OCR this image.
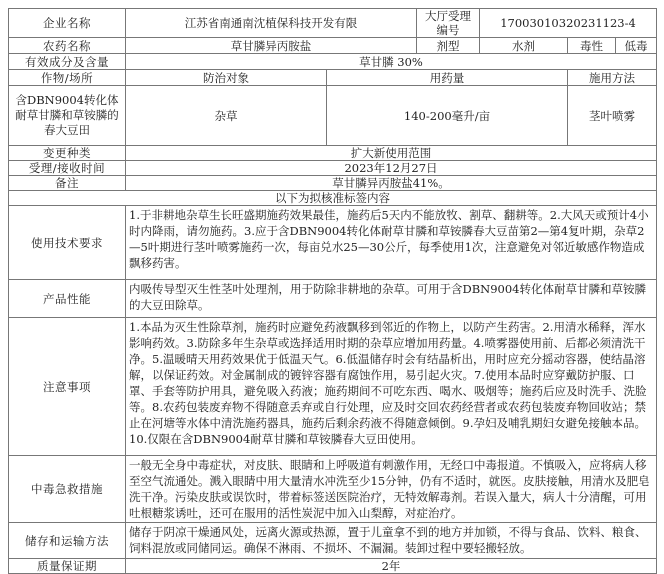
企业名称	江苏省南通南沈植保科技开发有限		大厅受理编号	17003010320231123-4		
农药名称	草甘膦异丙胺盐		剂型	水剂	毒性	低毒
有效成分及含量	草甘膦 30%					
作物/场所	防治对象	用药量			施用方法	
含DBN9004转化体耐草甘膦和草铵膦的春大豆田	杂草	140-200毫升/亩			茎叶喷雾	
变更种类	扩大新使用范围					
受理/接收时间	2023年12月27日					
备注	草甘膦异丙胺盐41%。					
以下为拟核准标签内容						
使用技术要求	1.于非耕地杂草生长旺盛期施药效果最佳，施药后5天内不能放牧、割草、翻耕等。2.大风天或预计4小时内降雨，请勿施药。3.应于含DBN9004转化体耐草甘膦和草铵膦春大豆苗第2—第4复叶期，杂草2—5叶期进行茎叶喷雾施药一次，每亩兑水25—30公斤，每季使用1次，注意避免对邻近敏感作物造成飘移药害。					
产品性能	内吸传导型灭生性茎叶处理剂，用于防除非耕地的杂草。可用于含DBN9004转化体耐草甘膦和草铵膦的大豆田除草。					
注意事项	1.本品为灭生性除草剂，施药时应避免药液飘移到邻近的作物上，以防产生药害。2.用清水稀释，浑水影响药效。3.防除多年生杂草或选择适用时期的杂草应增加用药量。4.喷雾器使用前、后都必须清洗干净。5.温暖晴天用药效果优于低温天气。6.低温储存时会有结晶析出，用时应充分摇动容器，使结晶溶解，以保证药效。对金属制成的镀锌容器有腐蚀作用，易引起火灾。7.使用本品时应穿戴防护服、口罩、手套等防护用具，避免吸入药液；施药期间不可吃东西、喝水、吸烟等；施药后应及时洗手、洗脸等。8.农药包装废弃物不得随意丢弃或自行处理，应及时交回农药经营者或农药包装废弃物回收站；禁止在河塘等水体中清洗施药器具，施药后剩余药液不得随意倾倒。9.孕妇及哺乳期妇女避免接触本品。10.仅限在含DBN9004耐草甘膦和草铵膦春大豆田使用。					
中毒急救措施	一般无全身中毒症状，对皮肤、眼睛和上呼吸道有刺激作用，无经口中毒报道。不慎吸入，应将病人移至空气流通处。溅入眼睛中用大量清水冲洗至少15分钟，仍有不适时，就医。皮肤接触，用清水及肥皂洗干净。污染皮肤或误饮时，带着标签送医院治疗，无特效解毒剂。若误入量大，病人十分清醒，可用吐根糖浆诱吐，还可在服用的活性炭泥中加入山梨醇，对症治疗。					
储存和运输方法	储存于阴凉干燥通风处，远离火源或热源，置于儿童拿不到的地方并加锁，不得与食品、饮料、粮食、饲料混放或同储同运。确保不淋雨、不损坏、不漏漏。装卸过程中要轻搬轻放。					
质量保证期	2年					
